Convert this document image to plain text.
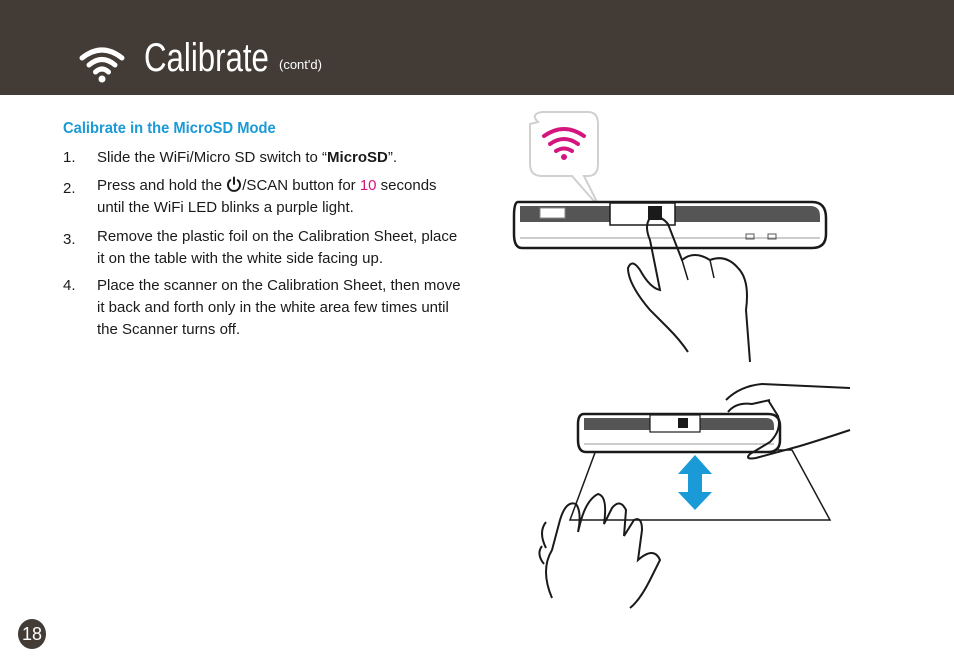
Calibrate (cont'd)
Calibrate in the MicroSD Mode
1.	Slide the WiFi/Micro SD switch to “MicroSD”.
2.	Press and hold the /SCAN button for 10 seconds until the WiFi LED blinks a purple light.
3.	Remove the plastic foil on the Calibration Sheet, place it on the table with the white side facing up.
4.	Place the scanner on the Calibration Sheet, then move it back and forth only in the white area few times until the Scanner turns off.
18
